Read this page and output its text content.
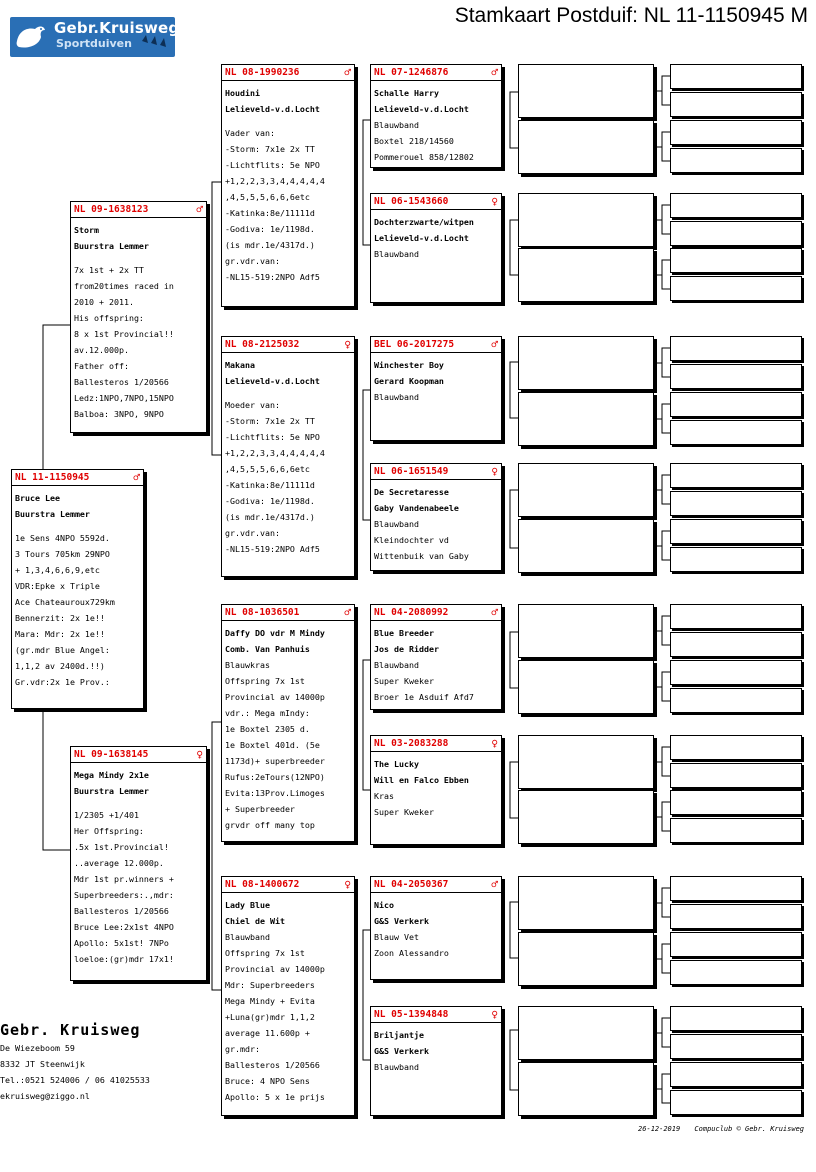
Gebr.Kruisweg
Sportduiven
Stamkaart Postduif: NL 11-1150945 M
NL 11-1150945	♂
Bruce Lee
Buurstra Lemmer
1e Sens 4NPO 5592d.
3 Tours 705km 29NPO
+ 1,3,4,6,6,9,etc
VDR:Epke x Triple
Ace Chateauroux729km
Bennerzit: 2x 1e!!
Mara: Mdr: 2x 1e!!
(gr.mdr Blue Angel:
1,1,2 av 2400d.!!)
Gr.vdr:2x 1e Prov.:
NL 09-1638123	♂
Storm
Buurstra Lemmer
7x 1st + 2x TT
from20times raced in
2010 + 2011.
His offspring:
8 x 1st Provincial!!
av.12.000p.
Father off:
Ballesteros 1/20566
Ledz:1NPO,7NPO,15NPO
Balboa: 3NPO, 9NPO
NL 09-1638145	♀
Mega Mindy 2x1e
Buurstra Lemmer
1/2305 +1/401
Her Offspring:
.5x 1st.Provincial!
..average 12.000p.
Mdr 1st pr.winners +
Superbreeders:.,mdr:
Ballesteros 1/20566
Bruce Lee:2x1st 4NPO
Apollo: 5x1st! 7NPo
loeloe:(gr)mdr 17x1!
NL 08-1990236	♂
Houdini
Lelieveld-v.d.Locht
Vader van:
-Storm: 7x1e 2x TT
-Lichtflits: 5e NPO
+1,2,2,3,3,4,4,4,4,4
,4,5,5,5,6,6,6etc
-Katinka:8e/11111d
-Godiva: 1e/1198d.
(is mdr.1e/4317d.)
gr.vdr.van:
-NL15-519:2NPO Adf5
NL 08-2125032	♀
Makana
Lelieveld-v.d.Locht
Moeder van:
-Storm: 7x1e 2x TT
-Lichtflits: 5e NPO
+1,2,2,3,3,4,4,4,4,4
,4,5,5,5,6,6,6etc
-Katinka:8e/11111d
-Godiva: 1e/1198d.
(is mdr.1e/4317d.)
gr.vdr.van:
-NL15-519:2NPO Adf5
NL 08-1036501	♂
Daffy DO vdr M Mindy
Comb. Van Panhuis
Blauwkras
Offspring 7x 1st
Provincial av 14000p
vdr.: Mega mIndy:
1e Boxtel 2305 d.
1e Boxtel 401d. (5e
1173d)+ superbreeder
Rufus:2eTours(12NPO)
Evita:13Prov.Limoges
+ Superbreeder
grvdr off many top
NL 08-1400672	♀
Lady Blue
Chiel de Wit
Blauwband
Offspring 7x 1st
Provincial av 14000p
Mdr: Superbreeders
Mega Mindy + Evita
+Luna(gr)mdr 1,1,2
average 11.600p +
gr.mdr:
Ballesteros 1/20566
Bruce: 4 NPO Sens
Apollo: 5 x 1e prijs
NL 07-1246876	♂
Schalle Harry
Lelieveld-v.d.Locht
Blauwband
Boxtel 218/14560
Pommerouel 858/12802
NL 06-1543660	♀
Dochterzwarte/witpen
Lelieveld-v.d.Locht
Blauwband
BEL 06-2017275	♂
Winchester Boy
Gerard Koopman
Blauwband
NL 06-1651549	♀
De Secretaresse
Gaby Vandenabeele
Blauwband
Kleindochter vd
Wittenbuik van Gaby
NL 04-2080992	♂
Blue Breeder
Jos de Ridder
Blauwband
Super Kweker
Broer 1e Asduif Afd7
NL 03-2083288	♀
The Lucky
Will en Falco Ebben
Kras
Super Kweker
NL 04-2050367	♂
Nico
G&S Verkerk
Blauw Vet
Zoon Alessandro
NL 05-1394848	♀
Briljantje
G&S Verkerk
Blauwband
Gebr. Kruisweg
De Wiezeboom 59
8332 JT Steenwijk
Tel.:0521 524006 / 06 41025533
ekruisweg@ziggo.nl
26-12-2019 Compuclub © Gebr. Kruisweg
